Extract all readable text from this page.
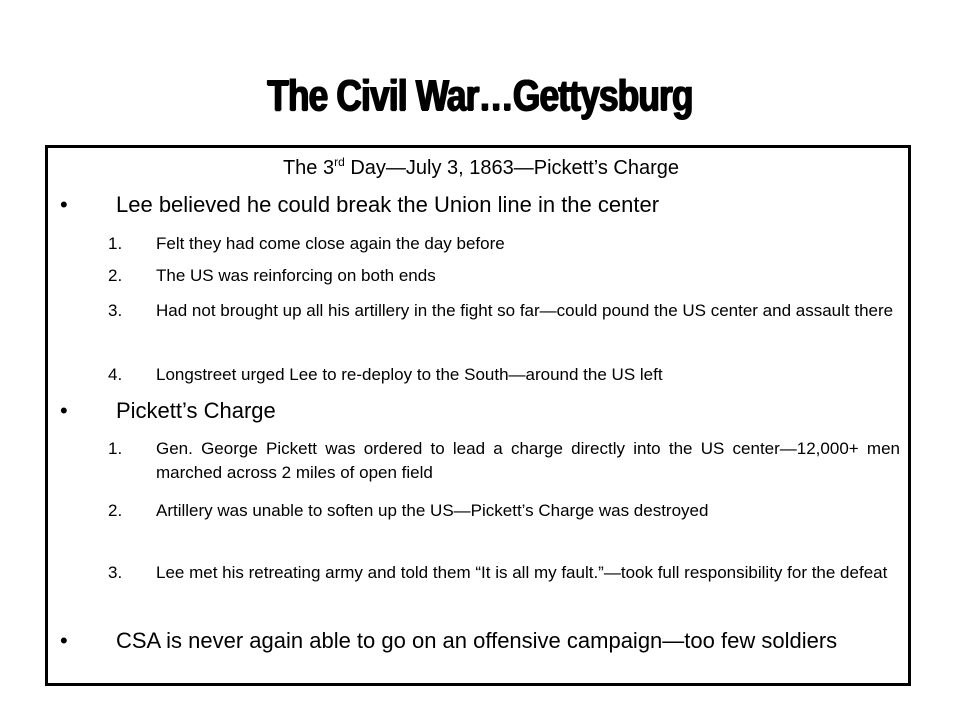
The Civil War…Gettysburg

The 3rd Day—July 3, 1863—Pickett’s Charge

• Lee believed he could break the Union line in the center
1. Felt they had come close again the day before
2. The US was reinforcing on both ends
3. Had not brought up all his artillery in the fight so far—could pound the US center and assault there
4. Longstreet urged Lee to re-deploy to the South—around the US left
• Pickett’s Charge
1. Gen. George Pickett was ordered to lead a charge directly into the US center—12,000+ men marched across 2 miles of open field
2. Artillery was unable to soften up the US—Pickett’s Charge was destroyed
3. Lee met his retreating army and told them “It is all my fault.”—took full responsibility for the defeat
• CSA is never again able to go on an offensive campaign—too few soldiers
